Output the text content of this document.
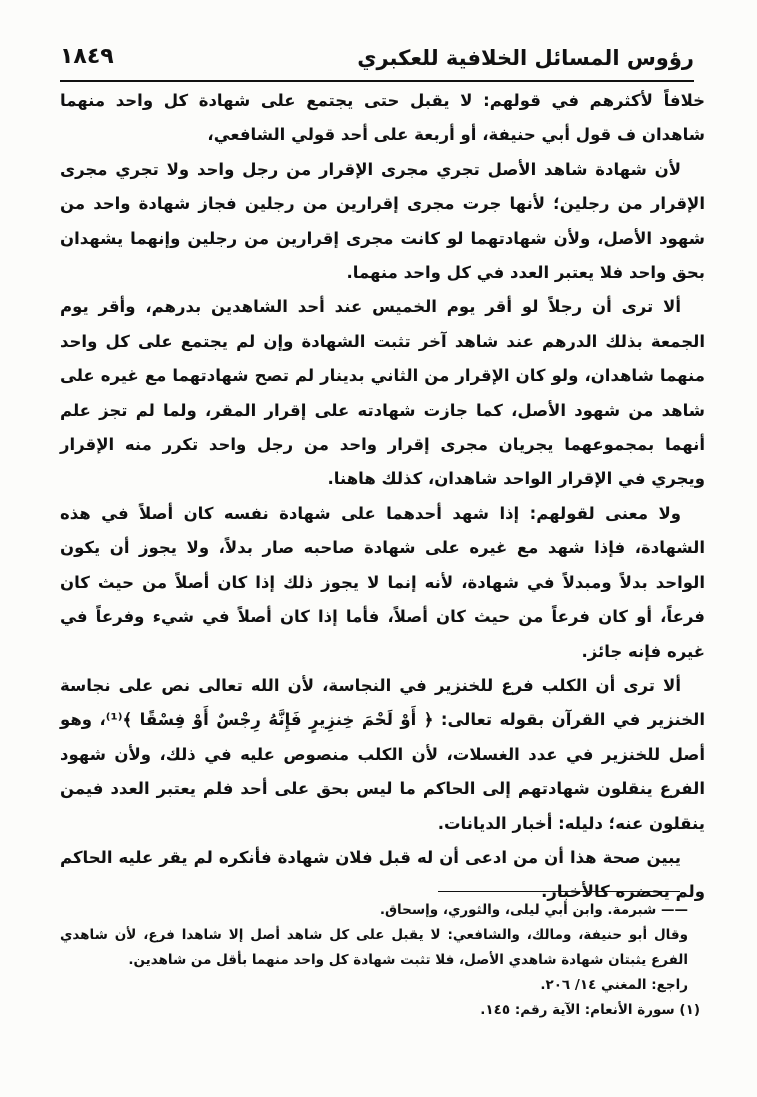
رؤوس المسائل الخلافية للعكبري
١٨٤٩

خلافاً لأكثرهم في قولهم: لا يقبل حتى يجتمع على شهادة كل واحد منهما شاهدان ف قول أبي حنيفة، أو أربعة على أحد قولي الشافعي،

لأن شهادة شاهد الأصل تجري مجرى الإقرار من رجل واحد ولا تجري مجرى الإقرار من رجلين؛ لأنها جرت مجرى إقرارين من رجلين فجاز شهادة واحد من شهود الأصل، ولأن شهادتهما لو كانت مجرى إقرارين من رجلين وإنهما يشهدان بحق واحد فلا يعتبر العدد في كل واحد منهما.

ألا ترى أن رجلاً لو أقر يوم الخميس عند أحد الشاهدين بدرهم، وأقر يوم الجمعة بذلك الدرهم عند شاهد آخر تثبت الشهادة وإن لم يجتمع على كل واحد منهما شاهدان، ولو كان الإقرار من الثاني بدينار لم تصح شهادتهما مع غيره على شاهد من شهود الأصل، كما جازت شهادته على إقرار المقر، ولما لم تجز علم أنهما بمجموعهما يجريان مجرى إقرار واحد من رجل واحد تكرر منه الإقرار ويجري في الإقرار الواحد شاهدان، كذلك هاهنا.

ولا معنى لقولهم: إذا شهد أحدهما على شهادة نفسه كان أصلاً في هذه الشهادة، فإذا شهد مع غيره على شهادة صاحبه صار بدلاً، ولا يجوز أن يكون الواحد بدلاً ومبدلاً في شهادة، لأنه إنما لا يجوز ذلك إذا كان أصلاً من حيث كان فرعاً، أو كان فرعاً من حيث كان أصلاً، فأما إذا كان أصلاً في شيء وفرعاً في غيره فإنه جائز.

ألا ترى أن الكلب فرع للخنزير في النجاسة، لأن الله تعالى نص على نجاسة الخنزير في القرآن بقوله تعالى: ﴿ أَوْ لَحْمَ خِنزِيرٍ فَإِنَّهُ رِجْسٌ أَوْ فِسْقًا ﴾⁽¹⁾، وهو أصل للخنزير في عدد الغسلات، لأن الكلب منصوص عليه في ذلك، ولأن شهود الفرع ينقلون شهادتهم إلى الحاكم ما ليس بحق على أحد فلم يعتبر العدد فيمن ينقلون عنه؛ دليله: أخبار الديانات.

يبين صحة هذا أن من ادعى أن له قبل فلان شهادة فأنكره لم يقر عليه الحاكم ولم يحضره كالأخبار.

—— شبرمة. وابن أبي ليلى، والثوري، وإسحاق.

وقال أبو حنيفة، ومالك، والشافعي: لا يقبل على كل شاهد أصل إلا شاهدا فرع، لأن شاهدي الفرع يثبتان شهادة شاهدي الأصل، فلا تثبت شهادة كل واحد منهما بأقل من شاهدين.

راجع: المغني ١٤/ ٢٠٦.

(١) سورة الأنعام: الآية رقم: ١٤٥.
